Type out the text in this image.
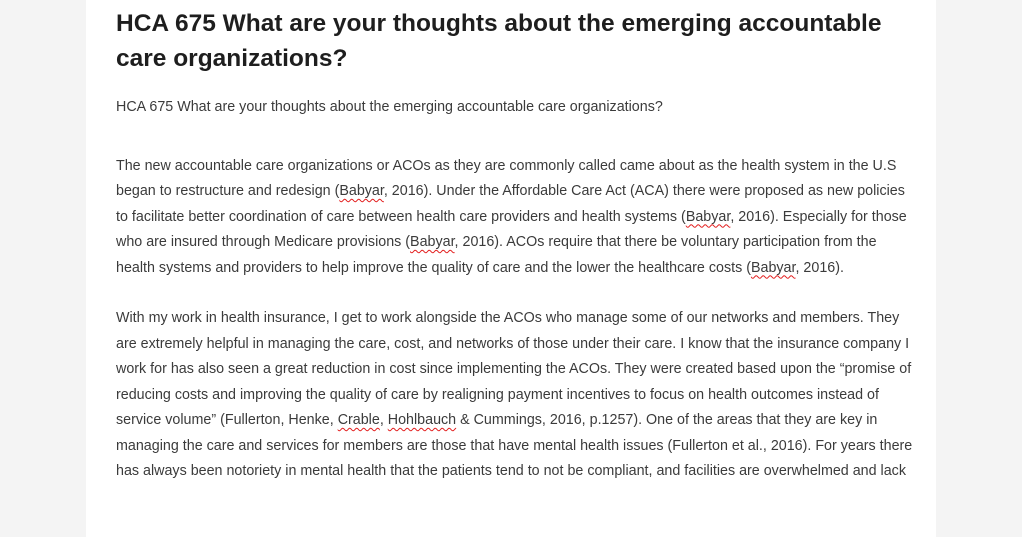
HCA 675 What are your thoughts about the emerging accountable care organizations?
HCA 675 What are your thoughts about the emerging accountable care organizations?

The new accountable care organizations or ACOs as they are commonly called came about as the health system in the U.S began to restructure and redesign (Babyar, 2016). Under the Affordable Care Act (ACA) there were proposed as new policies to facilitate better coordination of care between health care providers and health systems (Babyar, 2016). Especially for those who are insured through Medicare provisions (Babyar, 2016). ACOs require that there be voluntary participation from the health systems and providers to help improve the quality of care and the lower the healthcare costs (Babyar, 2016).

With my work in health insurance, I get to work alongside the ACOs who manage some of our networks and members. They are extremely helpful in managing the care, cost, and networks of those under their care. I know that the insurance company I work for has also seen a great reduction in cost since implementing the ACOs. They were created based upon the “promise of reducing costs and improving the quality of care by realigning payment incentives to focus on health outcomes instead of service volume” (Fullerton, Henke, Crable, Hohlbauch & Cummings, 2016, p.1257). One of the areas that they are key in managing the care and services for members are those that have mental health issues (Fullerton et al., 2016). For years there has always been notoriety in mental health that the patients tend to not be compliant, and facilities are overwhelmed and lack
